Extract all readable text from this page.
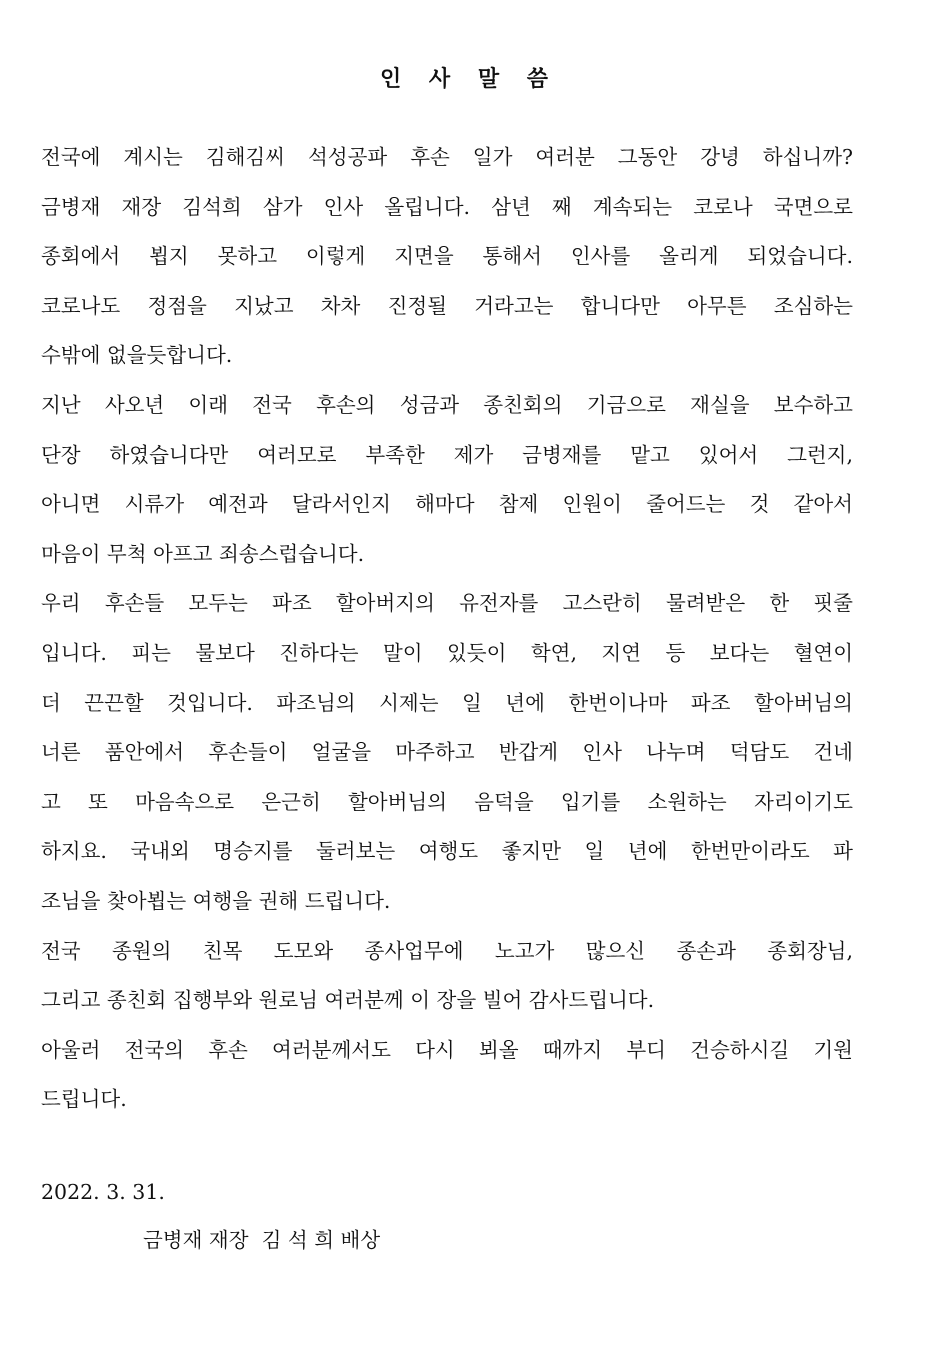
인 사 말 씀
전국에 계시는 김해김씨 석성공파 후손 일가 여러분 그동안 강녕 하십니까?
금병재 재장 김석희 삼가 인사 올립니다. 삼년 째 계속되는 코로나 국면으로
종회에서 뵙지 못하고 이렇게 지면을 통해서 인사를 올리게 되었습니다.
코로나도 정점을 지났고 차차 진정될 거라고는 합니다만 아무튼 조심하는
수밖에 없을듯합니다.
지난 사오년 이래 전국 후손의 성금과 종친회의 기금으로 재실을 보수하고
단장 하였습니다만 여러모로 부족한 제가 금병재를 맡고 있어서 그런지,
아니면 시류가 예전과 달라서인지 해마다 참제 인원이 줄어드는 것 같아서
마음이 무척 아프고 죄송스럽습니다.
우리 후손들 모두는 파조 할아버지의 유전자를 고스란히 물려받은 한 핏줄
입니다. 피는 물보다 진하다는 말이 있듯이 학연, 지연 등 보다는 혈연이
더 끈끈할 것입니다. 파조님의 시제는 일 년에 한번이나마 파조 할아버님의
너른 품안에서 후손들이 얼굴을 마주하고 반갑게 인사 나누며 덕담도 건네
고 또 마음속으로 은근히 할아버님의 음덕을 입기를 소원하는 자리이기도
하지요. 국내외 명승지를 둘러보는 여행도 좋지만 일 년에 한번만이라도 파
조님을 찾아뵙는 여행을 권해 드립니다.
전국 종원의 친목 도모와 종사업무에 노고가 많으신 종손과 종회장님,
그리고 종친회 집행부와 원로님 여러분께 이 장을 빌어 감사드립니다.
아울러 전국의 후손 여러분께서도 다시 뵈올 때까지 부디 건승하시길 기원
드립니다.
2022. 3. 31.
금병재 재장  김 석 희 배상
